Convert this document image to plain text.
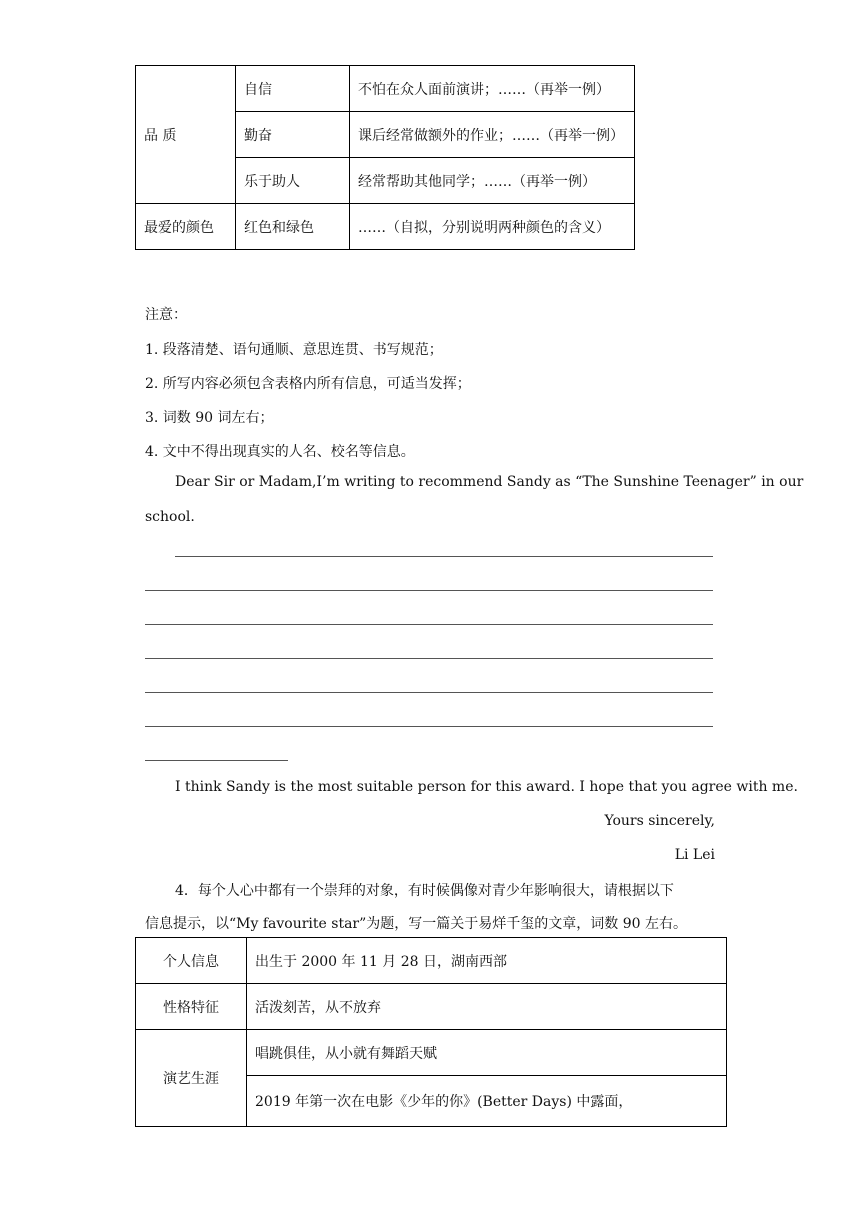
品 质	自信	不怕在众人面前演讲；……（再举一例）
	勤奋	课后经常做额外的作业；……（再举一例）
	乐于助人	经常帮助其他同学；……（再举一例）
最爱的颜色	红色和绿色	……（自拟，分别说明两种颜色的含义）
注意：
1. 段落清楚、语句通顺、意思连贯、书写规范；
2. 所写内容必须包含表格内所有信息，可适当发挥；
3. 词数 90 词左右；
4. 文中不得出现真实的人名、校名等信息。
Dear Sir or Madam,I’m writing to recommend Sandy as “The Sunshine Teenager” in our
school.
I think Sandy is the most suitable person for this award. I hope that you agree with me.
Yours sincerely,
Li Lei
4．每个人心中都有一个崇拜的对象，有时候偶像对青少年影响很大，请根据以下
信息提示，以“My favourite star”为题，写一篇关于易烊千玺的文章，词数 90 左右。
个人信息	出生于 2000 年 11 月 28 日，湖南西部
性格特征	活泼刻苦，从不放弃
演艺生涯	唱跳俱佳，从小就有舞蹈天赋
	2019 年第一次在电影《少年的你》(Better Days) 中露面，
